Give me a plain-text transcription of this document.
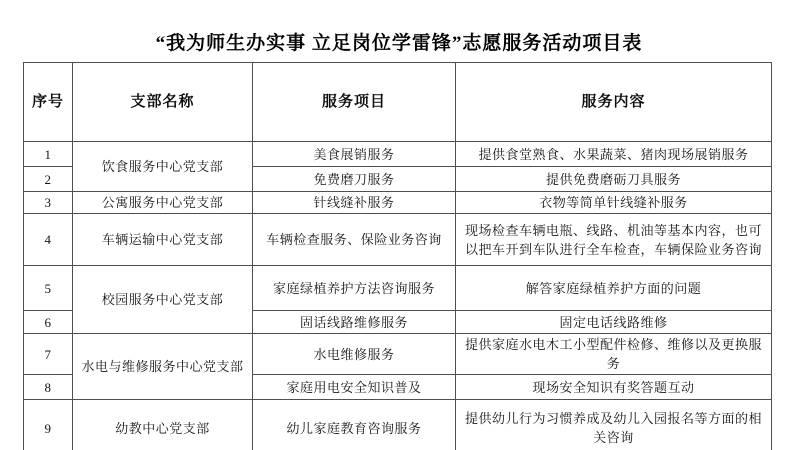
“我为师生办实事 立足岗位学雷锋”志愿服务活动项目表
序号	支部名称	服务项目	服务内容
1	饮食服务中心党支部	美食展销服务	提供食堂熟食、水果蔬菜、猪肉现场展销服务
2		免费磨刀服务	提供免费磨砺刀具服务
3	公寓服务中心党支部	针线缝补服务	衣物等简单针线缝补服务
4	车辆运输中心党支部	车辆检查服务、保险业务咨询	现场检查车辆电瓶、线路、机油等基本内容，也可以把车开到车队进行全车检查，车辆保险业务咨询
5	校园服务中心党支部	家庭绿植养护方法咨询服务	解答家庭绿植养护方面的问题
6		固话线路维修服务	固定电话线路维修
7	水电与维修服务中心党支部	水电维修服务	提供家庭水电木工小型配件检修、维修以及更换服务
8		家庭用电安全知识普及	现场安全知识有奖答题互动
9	幼教中心党支部	幼儿家庭教育咨询服务	提供幼儿行为习惯养成及幼儿入园报名等方面的相关咨询
